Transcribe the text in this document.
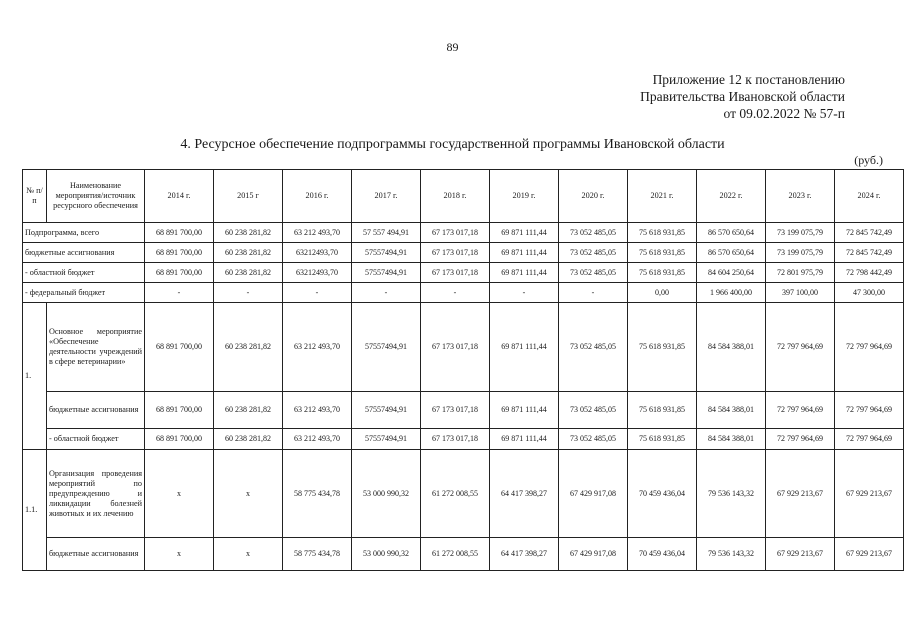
89
Приложение 12 к постановлению
Правительства Ивановской области
от 09.02.2022 № 57-п
4. Ресурсное обеспечение подпрограммы государственной программы Ивановской области
(руб.)
№ п/п	Наименование мероприятия/источник ресурсного обеспечения	2014 г.	2015 г	2016 г.	2017 г.	2018 г.	2019 г.	2020 г.	2021 г.	2022 г.	2023 г.	2024 г.
Подпрограмма, всего		68 891 700,00	60 238 281,82	63 212 493,70	57 557 494,91	67 173 017,18	69 871 111,44	73 052 485,05	75 618 931,85	86 570 650,64	73 199 075,79	72 845 742,49
бюджетные ассигнования		68 891 700,00	60 238 281,82	63212493,70	57557494,91	67 173 017,18	69 871 111,44	73 052 485,05	75 618 931,85	86 570 650,64	73 199 075,79	72 845 742,49
- областной бюджет		68 891 700,00	60 238 281,82	63212493,70	57557494,91	67 173 017,18	69 871 111,44	73 052 485,05	75 618 931,85	84 604 250,64	72 801 975,79	72 798 442,49
- федеральный бюджет		-	-	-	-	-	-	-	0,00	1 966 400,00	397 100,00	47 300,00
1.	Основное мероприятие «Обеспечение деятельности учреждений в сфере ветеринарии»	68 891 700,00	60 238 281,82	63 212 493,70	57557494,91	67 173 017,18	69 871 111,44	73 052 485,05	75 618 931,85	84 584 388,01	72 797 964,69	72 797 964,69
	бюджетные ассигнования	68 891 700,00	60 238 281,82	63 212 493,70	57557494,91	67 173 017,18	69 871 111,44	73 052 485,05	75 618 931,85	84 584 388,01	72 797 964,69	72 797 964,69
	- областной бюджет	68 891 700,00	60 238 281,82	63 212 493,70	57557494,91	67 173 017,18	69 871 111,44	73 052 485,05	75 618 931,85	84 584 388,01	72 797 964,69	72 797 964,69
1.1.	Организация проведения мероприятий по предупреждению и ликвидации болезней животных и их лечению	х	х	58 775 434,78	53 000 990,32	61 272 008,55	64 417 398,27	67 429 917,08	70 459 436,04	79 536 143,32	67 929 213,67	67 929 213,67
	бюджетные ассигнования	х	х	58 775 434,78	53 000 990,32	61 272 008,55	64 417 398,27	67 429 917,08	70 459 436,04	79 536 143,32	67 929 213,67	67 929 213,67
